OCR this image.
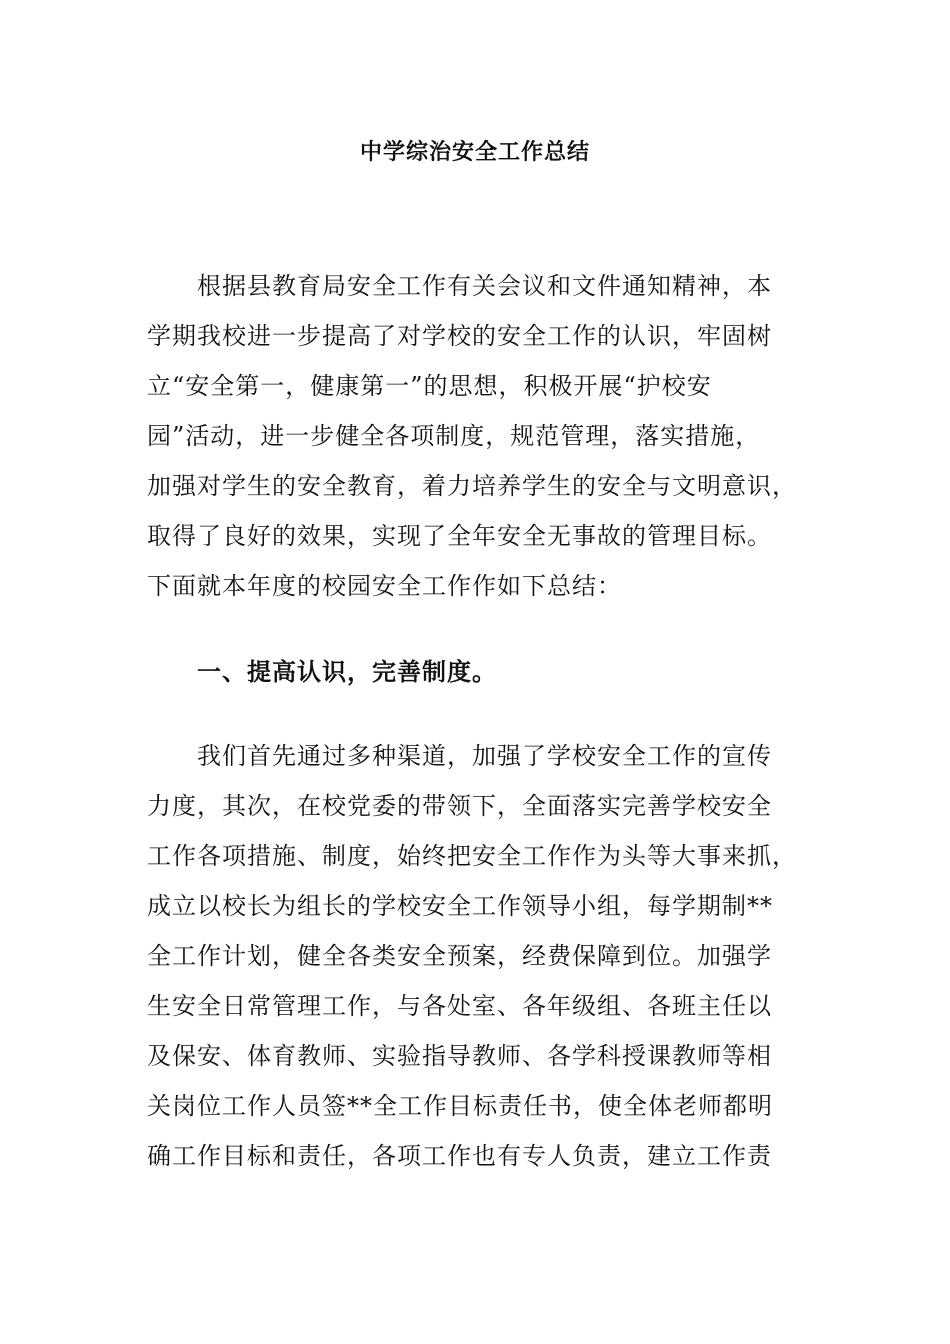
中学综治安全工作总结

根据县教育局安全工作有关会议和文件通知精神，本

学期我校进一步提高了对学校的安全工作的认识，牢固树

立“安全第一，健康第一”的思想，积极开展“护校安

园”活动，进一步健全各项制度，规范管理，落实措施，

加强对学生的安全教育，着力培养学生的安全与文明意识，

取得了良好的效果，实现了全年安全无事故的管理目标。

下面就本年度的校园安全工作作如下总结：

一、提高认识，完善制度。

我们首先通过多种渠道，加强了学校安全工作的宣传

力度，其次，在校党委的带领下，全面落实完善学校安全

工作各项措施、制度，始终把安全工作作为头等大事来抓，

成立以校长为组长的学校安全工作领导小组，每学期制**

全工作计划，健全各类安全预案，经费保障到位。加强学

生安全日常管理工作，与各处室、各年级组、各班主任以

及保安、体育教师、实验指导教师、各学科授课教师等相

关岗位工作人员签**全工作目标责任书，使全体老师都明

确工作目标和责任，各项工作也有专人负责，建立工作责
